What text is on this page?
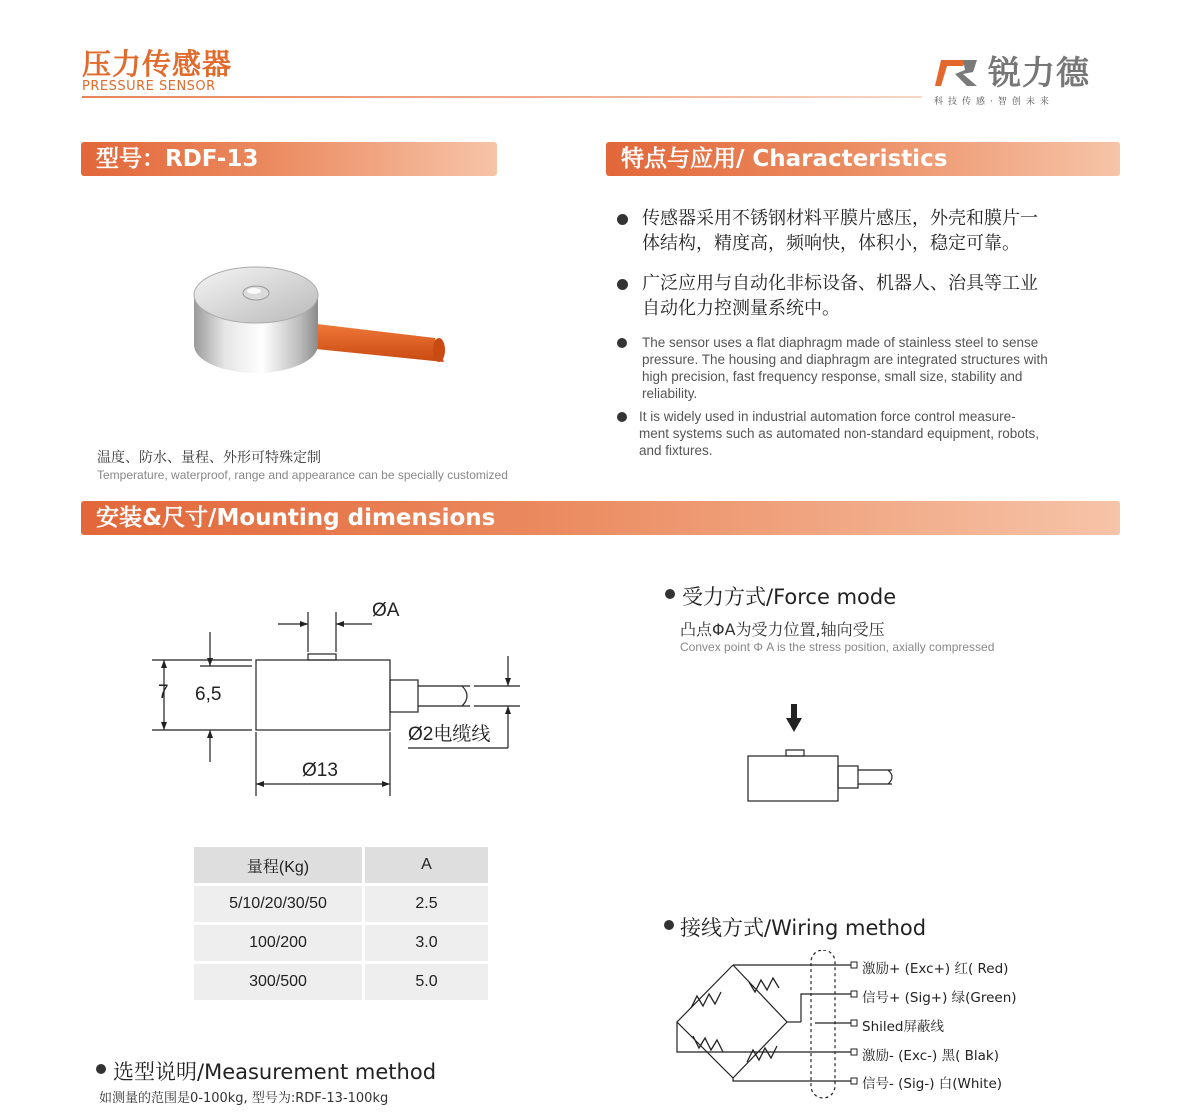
压力传感器
PRESSURE SENSOR	锐力德
科技传感·智创未来
型号：RDF-13	特点与应用/ Characteristics
温度、防水、量程、外形可特殊定制
Temperature, waterproof, range and appearance can be specially customized
传感器采用不锈钢材料平膜片感压，外壳和膜片一
体结构，精度高，频响快，体积小，稳定可靠。
广泛应用与自动化非标设备、机器人、治具等工业
自动化力控测量系统中。
The sensor uses a flat diaphragm made of stainless steel to sense
pressure. The housing and diaphragm are integrated structures with
high precision, fast frequency response, small size, stability and
reliability.
It is widely used in industrial automation force control measure-
ment systems such as automated non-standard equipment, robots,
and fixtures.
安装&尺寸/Mounting dimensions
ØA
7 6,5
Ø13
Ø2电缆线
受力方式/Force mode
凸点ΦA为受力位置,轴向受压
Convex point Φ A is the stress position, axially compressed
量程(Kg)	A
5/10/20/30/50	2.5
100/200	3.0
300/500	5.0
接线方式/Wiring method
激励+ (Exc+) 红( Red)
信号+ (Sig+) 绿(Green)
Shiled屏蔽线
激励- (Exc-) 黑( Blak)
信号- (Sig-) 白(White)
选型说明/Measurement method
如测量的范围是0-100kg, 型号为:RDF-13-100kg
